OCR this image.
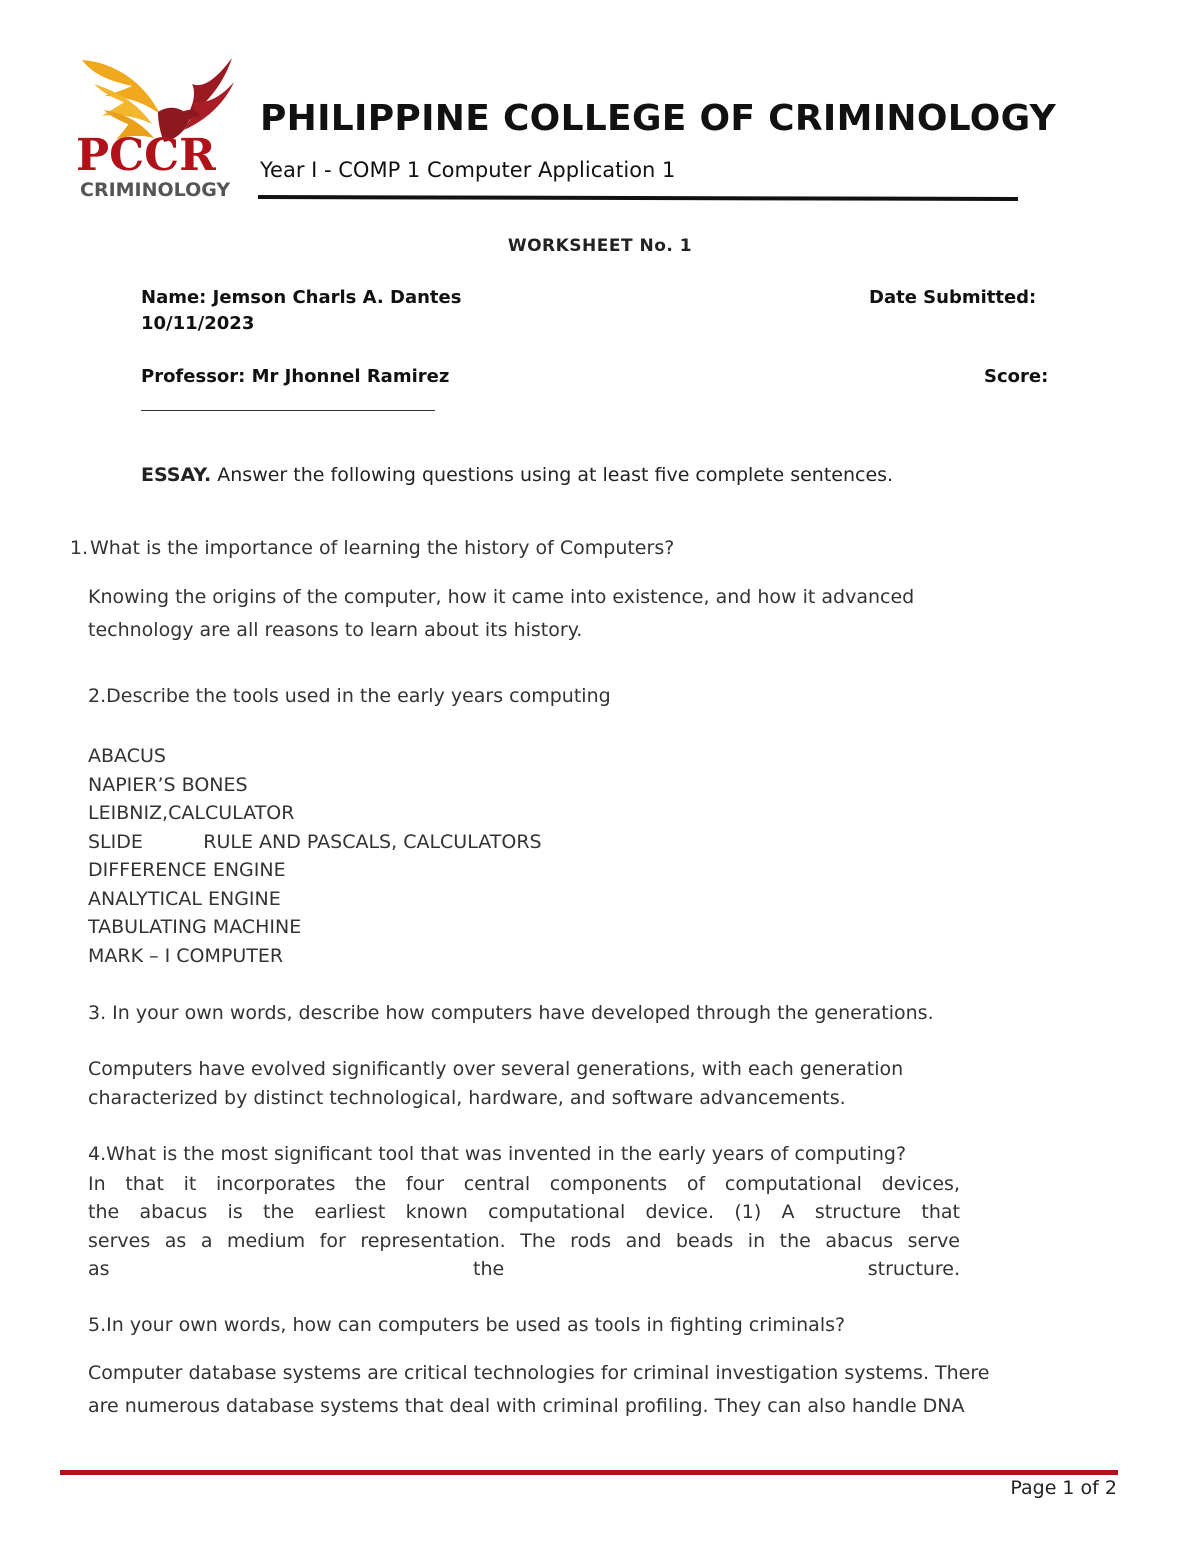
PCCR
CRIMINOLOGY
PHILIPPINE COLLEGE OF CRIMINOLOGY
Year I - COMP 1 Computer Application 1
WORKSHEET No. 1
Name: Jemson Charls A. Dantes	Date Submitted:
10/11/2023
Professor: Mr Jhonnel Ramirez	Score:
ESSAY. Answer the following questions using at least five complete sentences.
1. What is the importance of learning the history of Computers?
Knowing the origins of the computer, how it came into existence, and how it advanced
technology are all reasons to learn about its history.
2.Describe the tools used in the early years computing
ABACUS
NAPIER’S BONES
LEIBNIZ,CALCULATOR
SLIDE          RULE AND PASCALS, CALCULATORS
DIFFERENCE ENGINE
ANALYTICAL ENGINE
TABULATING MACHINE
MARK – I COMPUTER
3. In your own words, describe how computers have developed through the generations.
Computers have evolved significantly over several generations, with each generation
characterized by distinct technological, hardware, and software advancements.
4.What is the most significant tool that was invented in the early years of computing?
In that it incorporates the four central components of computational devices,
the abacus is the earliest known computational device. (1) A structure that
serves as a medium for representation. The rods and beads in the abacus serve
as the structure.
5.In your own words, how can computers be used as tools in fighting criminals?
Computer database systems are critical technologies for criminal investigation systems. There
are numerous database systems that deal with criminal profiling. They can also handle DNA
Page 1 of 2
